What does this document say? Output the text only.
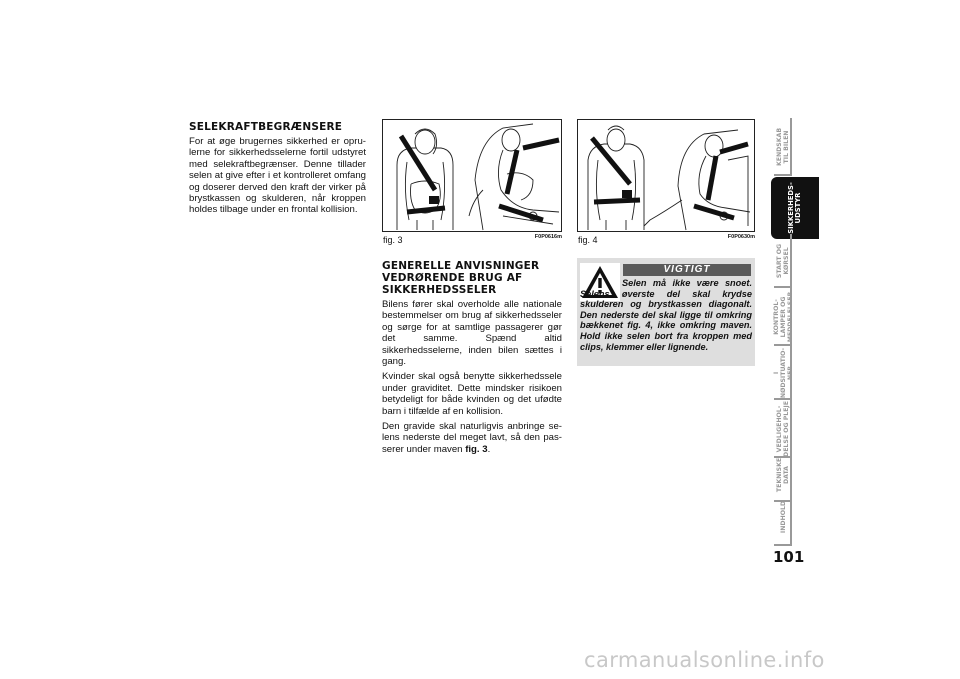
SELEKRAFTBEGRÆNSERE

For at øge brugernes sikkerhed er oprulerne for sikkerhedsselerne fortil udstyret med selekraftbegrænser. Denne tillader selen at give efter i et kontrolleret omfang og doserer derved den kraft der virker på brystkassen og skulderen, når kroppen holdes tilbage under en frontal kollision.

fig. 3	F0P0616m fig. 4	F0P0630m
GENERELLE ANVISNINGER
VEDRØRENDE BRUG AF
SIKKERHEDSSELER

Bilens fører skal overholde alle nationale bestemmelser om brug af sikkerhedsseler og sørge for at samtlige passagerer gør det samme. Spænd altid sikkerhedsselerne, inden bilen sættes i gang.

Kvinder skal også benytte sikkerhedssele under graviditet. Dette mindsker risikoen betydeligt for både kvinden og det ufødte barn i tilfælde af en kollision.

Den gravide skal naturligvis anbringe selens nederste del meget lavt, så den passerer under maven fig. 3.

VIGTIGT
Selen må ikke være snoet. Selens øverste del skal krydse skulderen og brystkassen diagonalt. Den nederste del skal ligge til omkring bækkenet fig. 4, ikke omkring maven. Hold ikke selen bort fra kroppen med clips, klemmer eller lignende.
KENDSKAB
TIL BILEN
SIKKERHEDS-
UDSTYR
START OG
KØRSEL
KONTROL-
LAMPER OG
MEDDELELSER
I
NØDSITUATIO-
NER
VEDLIGEHOL-
DELSE OG PLEJE
TEKNISKE
DATA
INDHOLD
101
carmanualsonline.info
